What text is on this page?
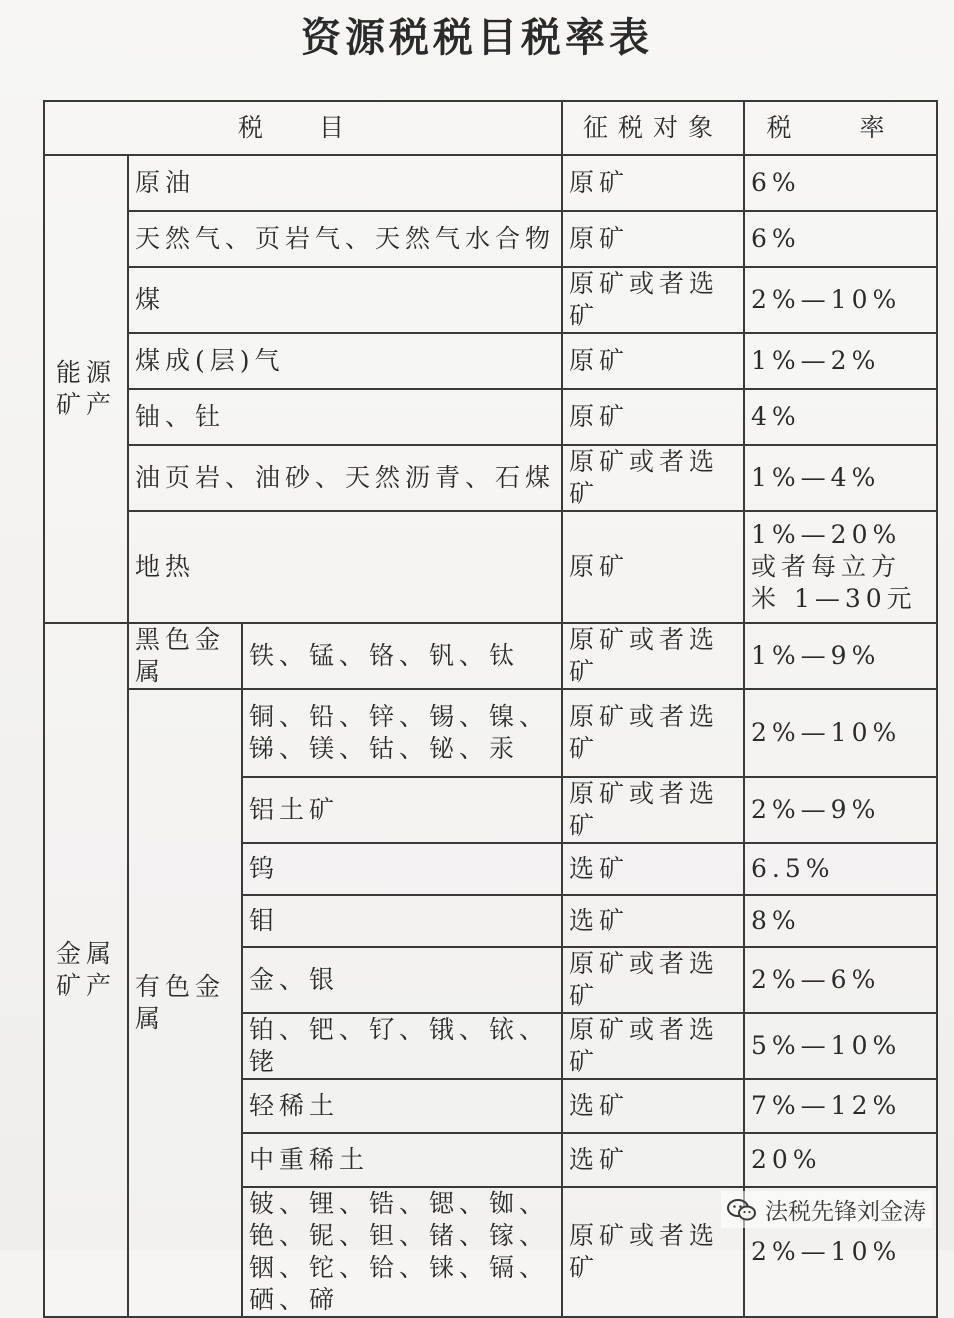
资源税税目税率表
税 目			征税对象	税 率
能源矿产	原油		原矿	6%
	天然气、页岩气、天然气水合物		原矿	6%
	煤		原矿或者选矿	2%—10%
	煤成(层)气		原矿	1%—2%
	铀、钍		原矿	4%
	油页岩、油砂、天然沥青、石煤		原矿或者选矿	1%—4%
	地热		原矿	1%—20%或者每立方米 1—30元
金属矿产	黑色金属	铁、锰、铬、钒、钛	原矿或者选矿	1%—9%
	有色金属	铜、铅、锌、锡、镍、锑、镁、钴、铋、汞	原矿或者选矿	2%—10%
		铝土矿	原矿或者选矿	2%—9%
		钨	选矿	6.5%
		钼	选矿	8%
		金、银	原矿或者选矿	2%—6%
		铂、钯、钌、锇、铱、铑	原矿或者选矿	5%—10%
		轻稀土	选矿	7%—12%
		中重稀土	选矿	20%
		铍、锂、锆、锶、铷、铯、铌、钽、锗、镓、铟、铊、铪、铼、镉、硒、碲	原矿或者选矿	2%—10%
法税先锋刘金涛
